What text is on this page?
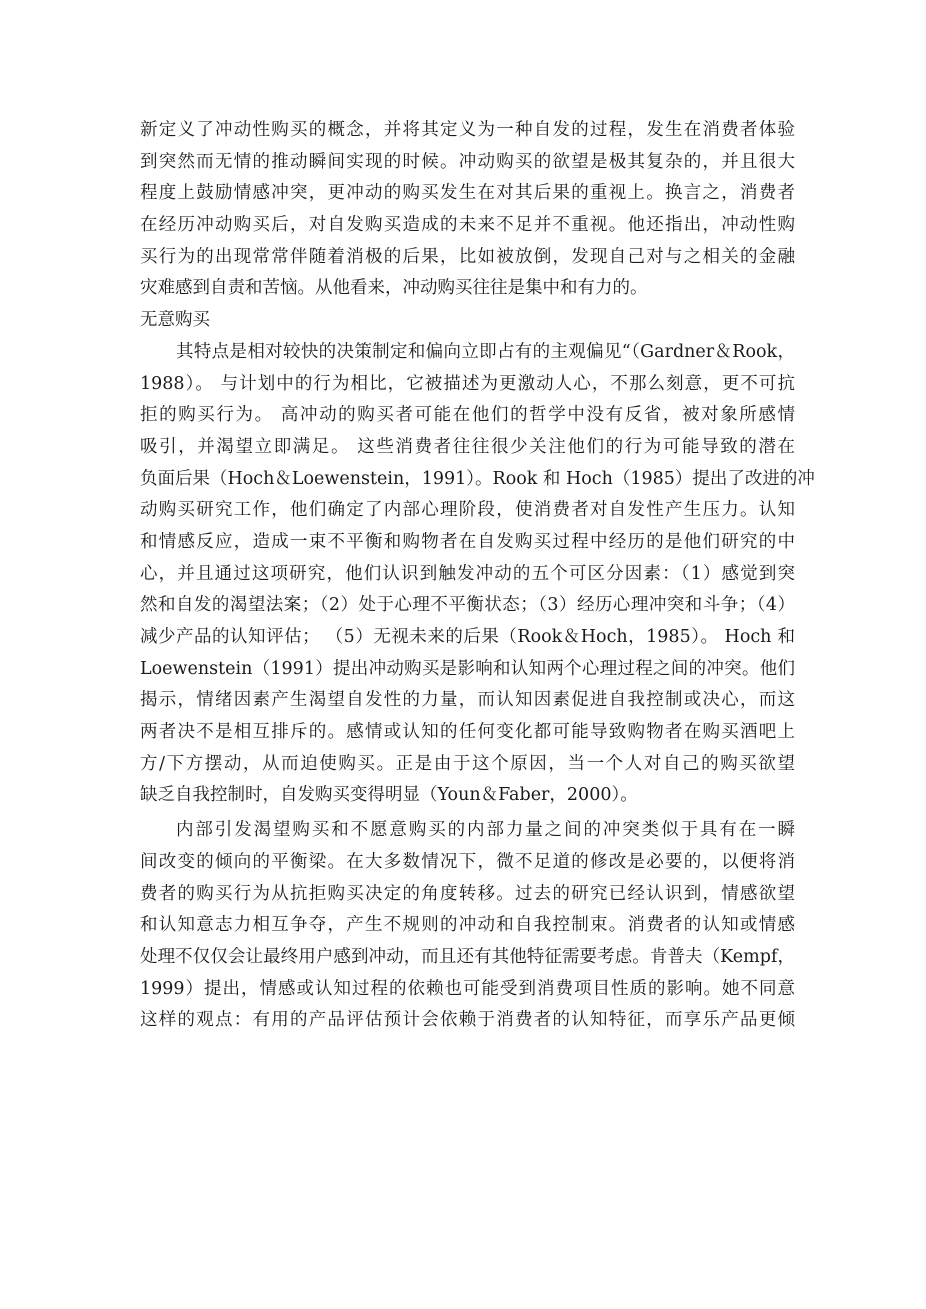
新定义了冲动性购买的概念，并将其定义为一种自发的过程，发生在消费者体验
到突然而无情的推动瞬间实现的时候。冲动购买的欲望是极其复杂的，并且很大
程度上鼓励情感冲突，更冲动的购买发生在对其后果的重视上。换言之，消费者
在经历冲动购买后，对自发购买造成的未来不足并不重视。他还指出，冲动性购
买行为的出现常常伴随着消极的后果，比如被放倒，发现自己对与之相关的金融
灾难感到自责和苦恼。从他看来，冲动购买往往是集中和有力的。
无意购买
其特点是相对较快的决策制定和偏向立即占有的主观偏见“（Gardner＆Rook，
1988）。 与计划中的行为相比，它被描述为更激动人心，不那么刻意，更不可抗
拒的购买行为。 高冲动的购买者可能在他们的哲学中没有反省，被对象所感情
吸引，并渴望立即满足。 这些消费者往往很少关注他们的行为可能导致的潜在
负面后果（Hoch＆Loewenstein，1991）。Rook 和 Hoch（1985）提出了改进的冲
动购买研究工作，他们确定了内部心理阶段，使消费者对自发性产生压力。认知
和情感反应，造成一束不平衡和购物者在自发购买过程中经历的是他们研究的中
心，并且通过这项研究，他们认识到触发冲动的五个可区分因素：（1）感觉到突
然和自发的渴望法案；（2）处于心理不平衡状态；（3）经历心理冲突和斗争；（4）
减少产品的认知评估； （5）无视未来的后果（Rook＆Hoch，1985）。 Hoch 和
Loewenstein（1991）提出冲动购买是影响和认知两个心理过程之间的冲突。他们
揭示，情绪因素产生渴望自发性的力量，而认知因素促进自我控制或决心，而这
两者决不是相互排斥的。感情或认知的任何变化都可能导致购物者在购买酒吧上
方/下方摆动，从而迫使购买。正是由于这个原因，当一个人对自己的购买欲望
缺乏自我控制时，自发购买变得明显（Youn＆Faber，2000）。
内部引发渴望购买和不愿意购买的内部力量之间的冲突类似于具有在一瞬
间改变的倾向的平衡梁。在大多数情况下，微不足道的修改是必要的，以便将消
费者的购买行为从抗拒购买决定的角度转移。过去的研究已经认识到，情感欲望
和认知意志力相互争夺，产生不规则的冲动和自我控制束。消费者的认知或情感
处理不仅仅会让最终用户感到冲动，而且还有其他特征需要考虑。肯普夫（Kempf，
1999）提出，情感或认知过程的依赖也可能受到消费项目性质的影响。她不同意
这样的观点：有用的产品评估预计会依赖于消费者的认知特征，而享乐产品更倾
